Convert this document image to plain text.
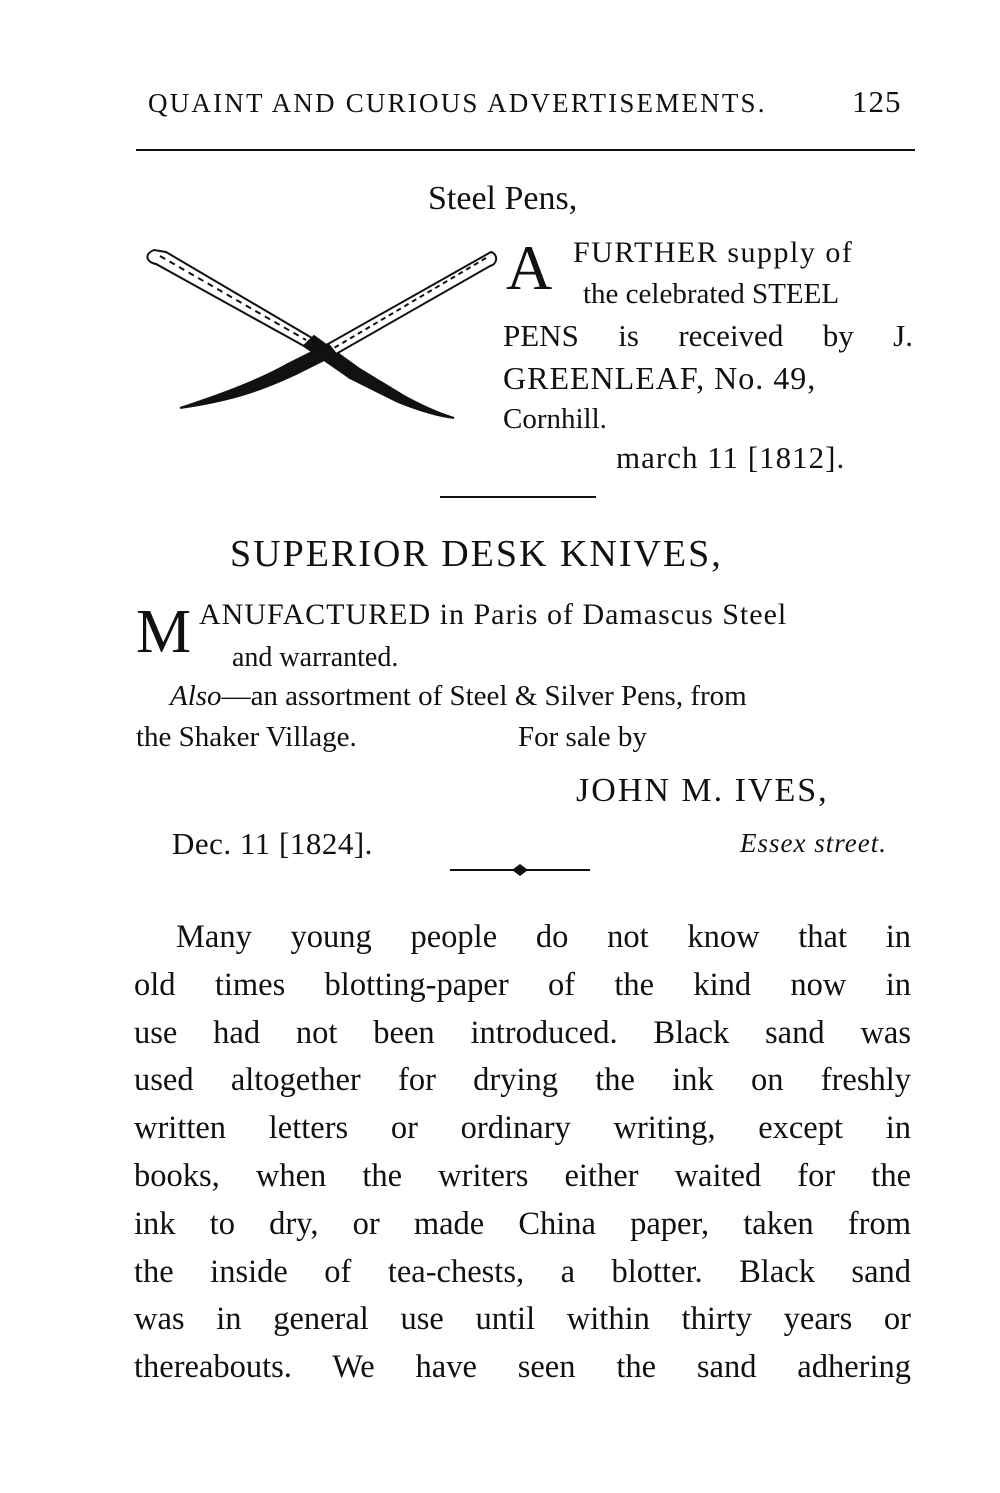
QUAINT AND CURIOUS ADVERTISEMENTS.	125
Steel Pens,
A FURTHER supply of
the celebrated STEEL
PENS is received by J.
GREENLEAF, No. 49,
Cornhill.
march 11 [1812].
SUPERIOR DESK KNIVES,
M ANUFACTURED in Paris of Damascus Steel
and warranted.
Also—an assortment of Steel & Silver Pens, from
the Shaker Village.	For sale by
JOHN M. IVES,
Dec. 11 [1824].	Essex street.
Many young people do not know that in
old times blotting-paper of the kind now in
use had not been introduced. Black sand was
used altogether for drying the ink on freshly
written letters or ordinary writing, except in
books, when the writers either waited for the
ink to dry, or made China paper, taken from
the inside of tea-chests, a blotter. Black sand
was in general use until within thirty years or
thereabouts. We have seen the sand adhering
